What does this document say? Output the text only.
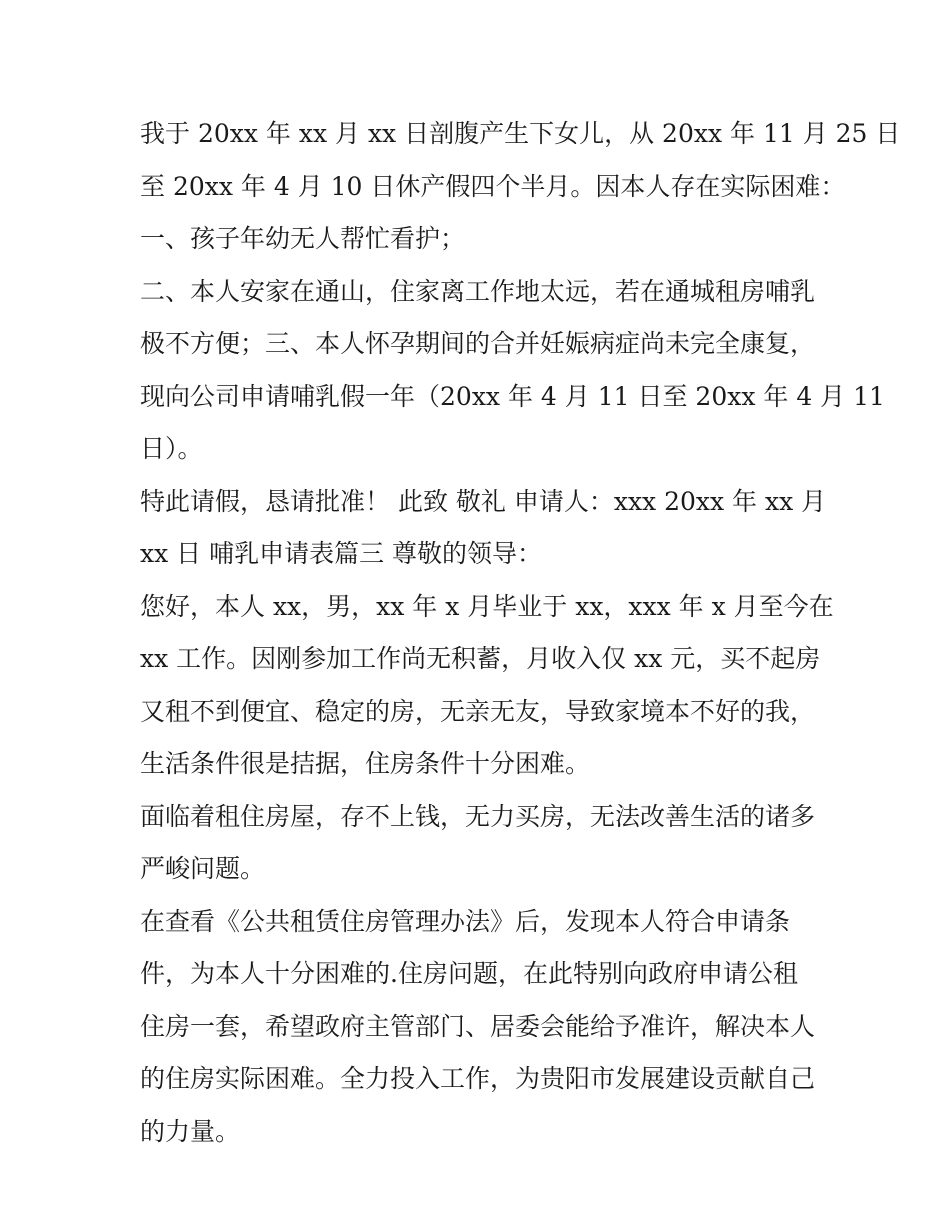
我于 20xx 年 xx 月 xx 日剖腹产生下女儿，从 20xx 年 11 月 25 日
至 20xx 年 4 月 10 日休产假四个半月。因本人存在实际困难：
一、孩子年幼无人帮忙看护；
二、本人安家在通山，住家离工作地太远，若在通城租房哺乳
极不方便；三、本人怀孕期间的合并妊娠病症尚未完全康复，
现向公司申请哺乳假一年（20xx 年 4 月 11 日至 20xx 年 4 月 11
日）。
特此请假，恳请批准！ 此致 敬礼 申请人：xxx 20xx 年 xx 月
xx 日 哺乳申请表篇三 尊敬的领导：
您好，本人 xx，男，xx 年 x 月毕业于 xx，xxx 年 x 月至今在
xx 工作。因刚参加工作尚无积蓄，月收入仅 xx 元，买不起房
又租不到便宜、稳定的房，无亲无友，导致家境本不好的我，
生活条件很是拮据，住房条件十分困难。
面临着租住房屋，存不上钱，无力买房，无法改善生活的诸多
严峻问题。
在查看《公共租赁住房管理办法》后，发现本人符合申请条
件，为本人十分困难的.住房问题，在此特别向政府申请公租
住房一套，希望政府主管部门、居委会能给予准许，解决本人
的住房实际困难。全力投入工作，为贵阳市发展建设贡献自己
的力量。
